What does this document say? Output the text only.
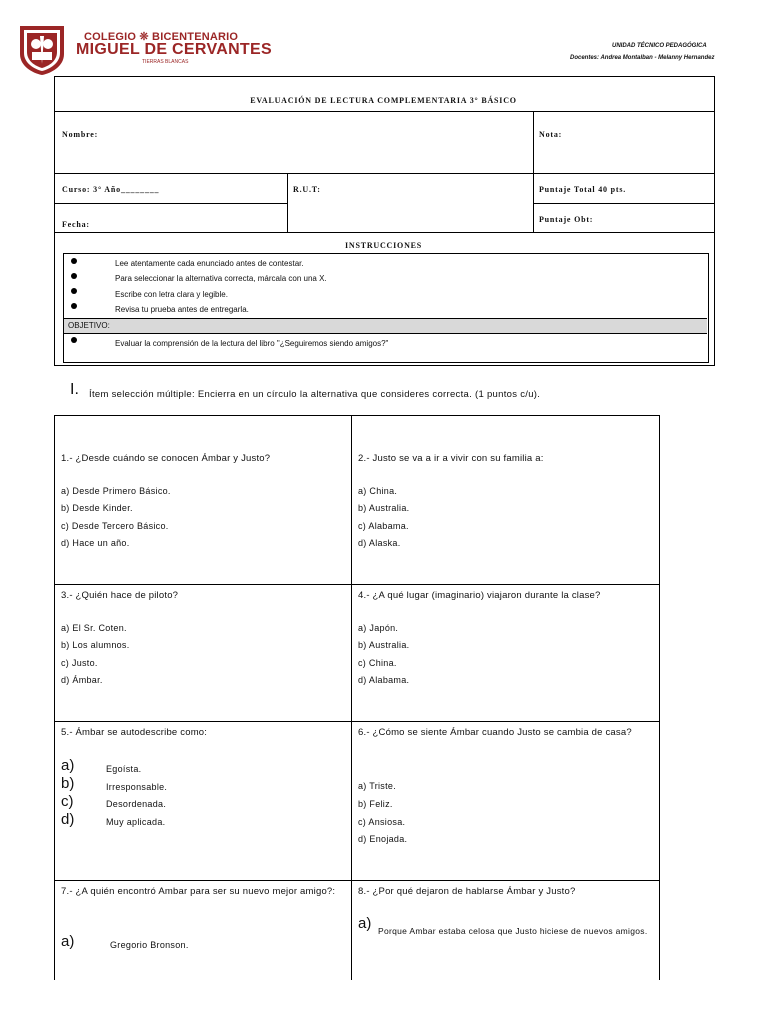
COLEGIO ❊ BICENTENARIO
MIGUEL DE CERVANTES
TIERRAS BLANCAS
UNIDAD TÉCNICO PEDAGÓGICA
Docentes: Andrea Montalban - Melanny Hernandez
EVALUACIÓN DE LECTURA COMPLEMENTARIA 3° BÁSICO
Nombre:	Nota:
Curso: 3° Año________	R.U.T:	Puntaje Total 40 pts.
Fecha:
Puntaje Obt:
INSTRUCCIONES
Lee atentamente cada enunciado antes de contestar.
Para seleccionar la alternativa correcta, márcala con una X.
Escribe con letra clara y legible.
Revisa tu prueba antes de entregarla.
OBJETIVO:
Evaluar la comprensión de la lectura del libro "¿Seguiremos siendo amigos?"
I. Ítem selección múltiple: Encierra en un círculo la alternativa que consideres correcta. (1 puntos c/u).
1.- ¿Desde cuándo se conocen Ámbar y Justo?
a) Desde Primero Básico.
b) Desde Kinder.
c) Desde Tercero Básico.
d) Hace un año.
2.- Justo se va a ir a vivir con su familia a:
a) China.
b) Australia.
c) Alabama.
d) Alaska.
3.- ¿Quién hace de piloto?
a) El Sr. Coten.
b) Los alumnos.
c) Justo.
d) Ámbar.
4.- ¿A qué lugar (imaginario) viajaron durante la clase?
a) Japón.
b) Australia.
c) China.
d) Alabama.
5.- Ámbar se autodescribe como:
a)	Egoísta.
b)	Irresponsable.
c)	Desordenada.
d)	Muy aplicada.
6.- ¿Cómo se siente Ámbar cuando Justo se cambia de casa?
a) Triste.
b) Feliz.
c) Ansiosa.
d) Enojada.
7.- ¿A quién encontró Ambar para ser su nuevo mejor amigo?:
a)	Gregorio Bronson.
8.- ¿Por qué dejaron de hablarse Ámbar y Justo?
a) Porque Ambar estaba celosa que Justo hiciese de nuevos amigos.
